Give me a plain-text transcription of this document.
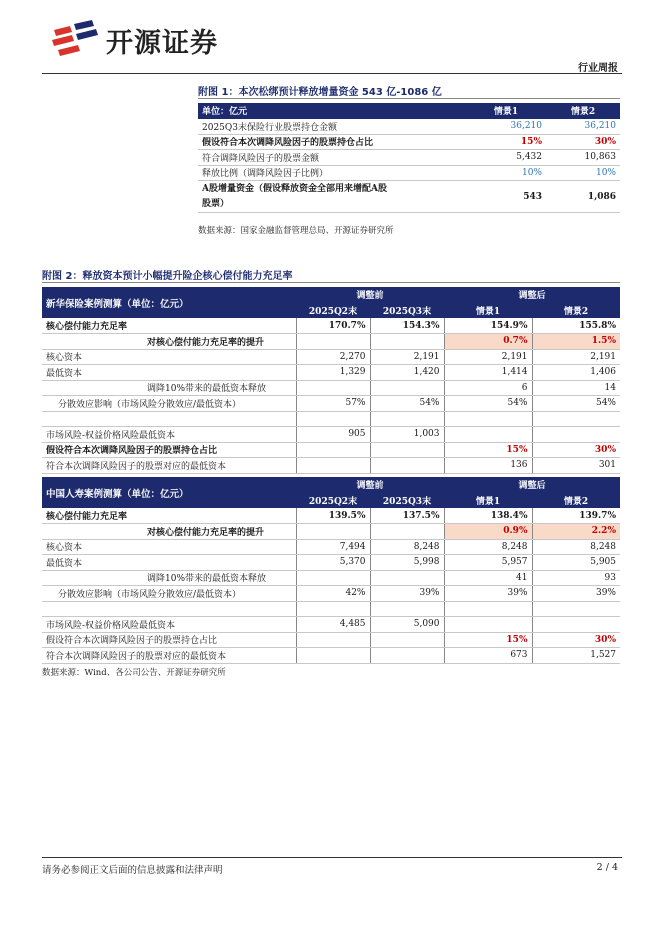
开源证券
行业周报
附图 1：本次松绑预计释放增量资金 543 亿-1086 亿
单位：亿元	情景1	情景2
2025Q3末保险行业股票持仓金额	36,210	36,210
假设符合本次调降风险因子的股票持仓占比	15%	30%
符合调降风险因子的股票金额	5,432	10,863
释放比例（调降风险因子比例）	10%	10%
A股增量资金（假设释放资金全部用来增配A股
股票）	543	1,086
数据来源：国家金融监督管理总局、开源证券研究所
附图 2：释放资本预计小幅提升险企核心偿付能力充足率
新华保险案例测算（单位：亿元）	调整前		调整后	
	2025Q2末	2025Q3末	情景1	情景2
核心偿付能力充足率	170.7%	154.3%	154.9%	155.8%
对核心偿付能力充足率的提升			0.7%	1.5%
核心资本	2,270	2,191	2,191	2,191
最低资本	1,329	1,420	1,414	1,406
调降10%带来的最低资本释放			6	14
分散效应影响（市场风险分散效应/最低资本）	57%	54%	54%	54%

市场风险-权益价格风险最低资本	905	1,003		
假设符合本次调降风险因子的股票持仓占比			15%	30%
符合本次调降风险因子的股票对应的最低资本			136	301
中国人寿案例测算（单位：亿元）	调整前		调整后	
	2025Q2末	2025Q3末	情景1	情景2
核心偿付能力充足率	139.5%	137.5%	138.4%	139.7%
对核心偿付能力充足率的提升			0.9%	2.2%
核心资本	7,494	8,248	8,248	8,248
最低资本	5,370	5,998	5,957	5,905
调降10%带来的最低资本释放			41	93
分散效应影响（市场风险分散效应/最低资本）	42%	39%	39%	39%

市场风险-权益价格风险最低资本	4,485	5,090		
假设符合本次调降风险因子的股票持仓占比			15%	30%
符合本次调降风险因子的股票对应的最低资本			673	1,527
数据来源：Wind、各公司公告、开源证券研究所
请务必参阅正文后面的信息披露和法律声明	2 / 4
